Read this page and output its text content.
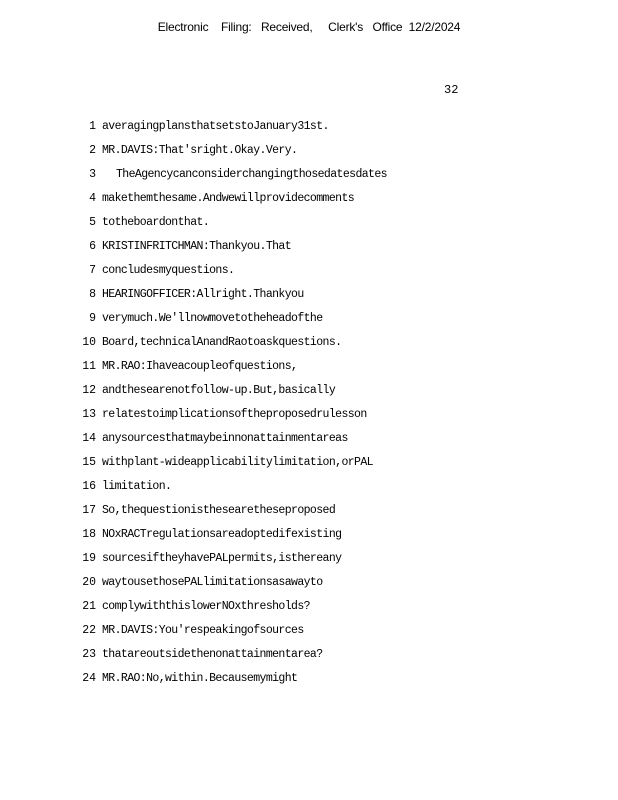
Electronic    Filing:   Received,     Clerk's   Office  12/2/2024
32
1 averagingplansthatsetstoJanuary31st.
2 MR.DAVIS:That'sright.Okay.Very.
3 TheAgencycanconsiderchangingthosedatesdates
4 makethemthesame.Andwewillprovidecomments
5 totheboardonthat.
6 KRISTINFRITCHMAN:Thankyou.That
7 concludesmyquestions.
8 HEARINGOFFICER:Allright.Thankyou
9 verymuch.We'llnowmovetotheheadofthe
10 Board,technicalAnandRaotoaskquestions.
11 MR.RAO:Ihaveacoupleofquestions,
12 andthesearenotfollow-up.But,basically
13 relatestoimplicationsoftheproposedrulesson
14 anysourcesthatmaybeinnonattainmentareas
15 withplant-wideapplicabilitylimitation,orPAL
16 limitation.
17 So,thequestionisthesearetheseproposed
18 NOxRACTregulationsareadoptedifexisting
19 sourcesiftheyhavePALpermits,isthereany
20 waytousethosePALlimitationsasawayto
21 complywiththislowerNOxthresholds?
22 MR.DAVIS:You'respeakingofsources
23 thatareoutsidethenonattainmentarea?
24 MR.RAO:No,within.Becausemymight
